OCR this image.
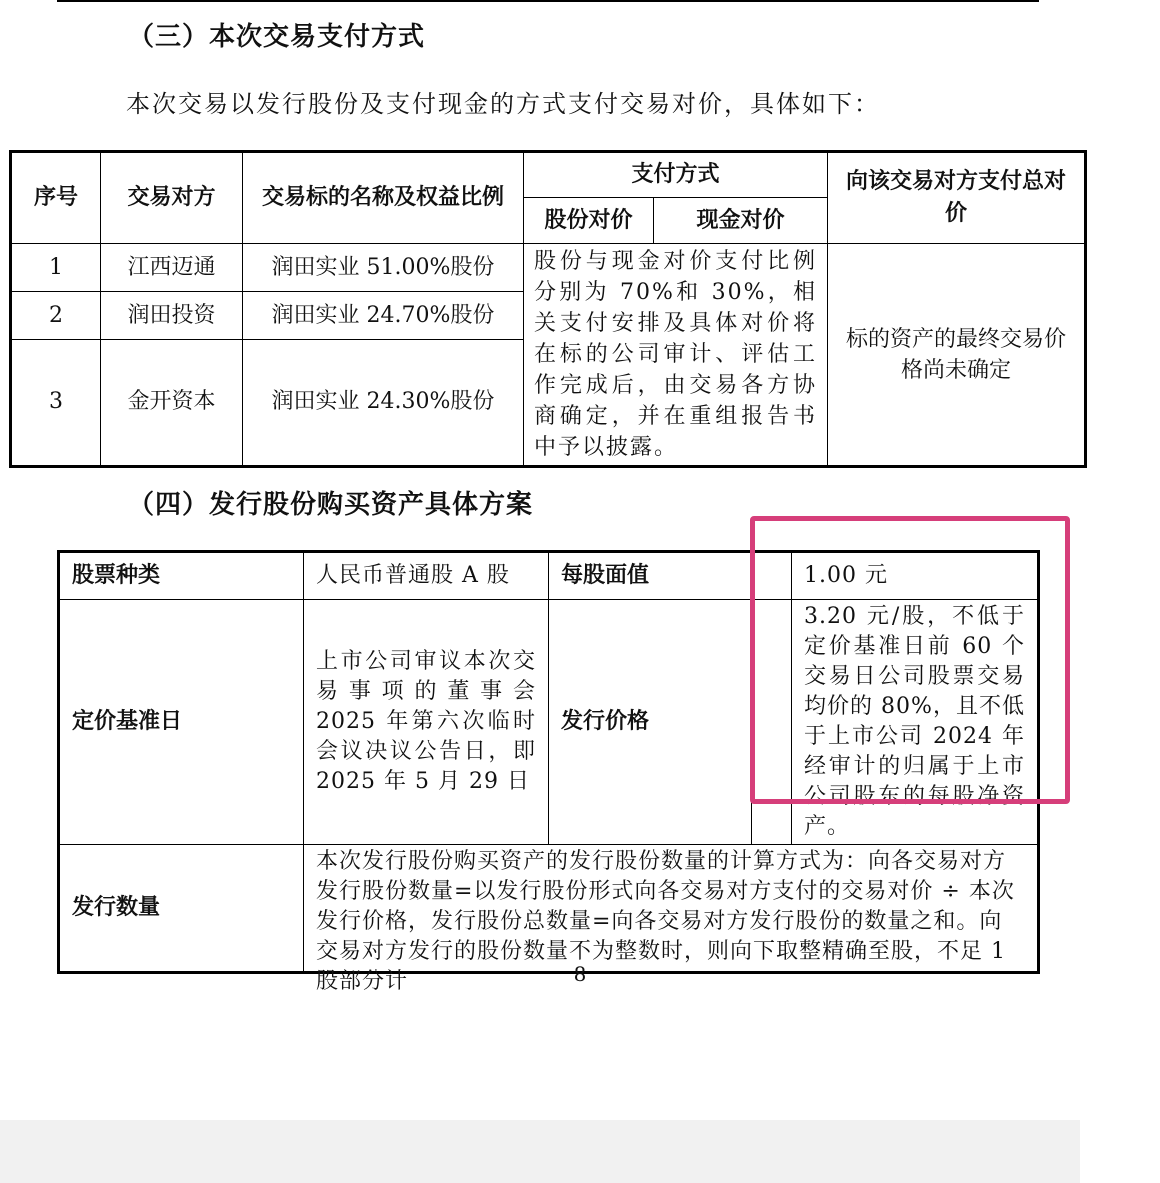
（三）本次交易支付方式
本次交易以发行股份及支付现金的方式支付交易对价，具体如下：
序号	交易对方	交易标的名称及权益比例	支付方式		向该交易对方支付总对价
			股份对价	现金对价	
1	江西迈通	润田实业 51.00%股份	股份与现金对价支付比例分别为 70%和 30%，相关支付安排及具体对价将在标的公司审计、评估工作完成后，由交易各方协商确定，并在重组报告书中予以披露。		标的资产的最终交易价格尚未确定
2	润田投资	润田实业 24.70%股份			
3	金开资本	润田实业 24.30%股份			
（四）发行股份购买资产具体方案
股票种类	人民币普通股 A 股	每股面值		1.00 元
定价基准日	上市公司审议本次交易事项的董事会 2025 年第六次临时会议决议公告日，即 2025 年 5 月 29 日	发行价格		3.20 元/股，不低于定价基准日前 60 个交易日公司股票交易均价的 80%，且不低于上市公司 2024 年经审计的归属于上市公司股东的每股净资产。
发行数量	本次发行股份购买资产的发行股份数量的计算方式为：向各交易对方发行股份数量=以发行股份形式向各交易对方支付的交易对价 ÷ 本次发行价格，发行股份总数量=向各交易对方发行股份的数量之和。向交易对方发行的股份数量不为整数时，则向下取整精确至股，不足 1 股部分计				8
